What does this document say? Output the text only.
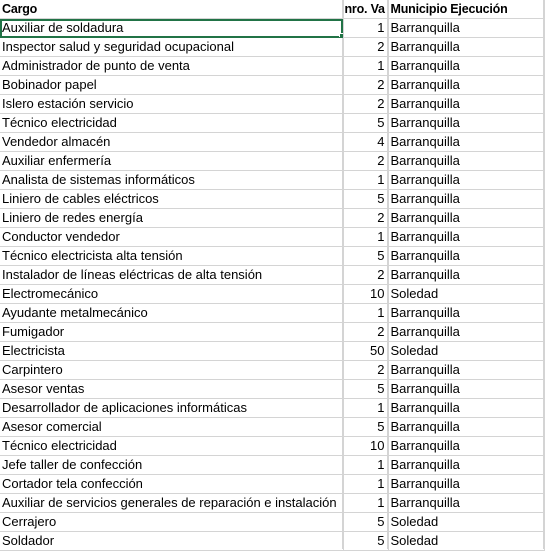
Cargo	nro. Va	Municipio Ejecución
Auxiliar de soldadura	1	Barranquilla
Inspector salud y seguridad ocupacional	2	Barranquilla
Administrador de punto de venta	1	Barranquilla
Bobinador papel	2	Barranquilla
Islero estación servicio	2	Barranquilla
Técnico electricidad	5	Barranquilla
Vendedor almacén	4	Barranquilla
Auxiliar enfermería	2	Barranquilla
Analista de sistemas informáticos	1	Barranquilla
Liniero de cables eléctricos	5	Barranquilla
Liniero de redes energía	2	Barranquilla
Conductor vendedor	1	Barranquilla
Técnico electricista alta tensión	5	Barranquilla
Instalador de líneas eléctricas de alta tensión	2	Barranquilla
Electromecánico	10	Soledad
Ayudante metalmecánico	1	Barranquilla
Fumigador	2	Barranquilla
Electricista	50	Soledad
Carpintero	2	Barranquilla
Asesor ventas	5	Barranquilla
Desarrollador de aplicaciones informáticas	1	Barranquilla
Asesor comercial	5	Barranquilla
Técnico electricidad	10	Barranquilla
Jefe taller de confección	1	Barranquilla
Cortador tela confección	1	Barranquilla
Auxiliar de servicios generales de reparación e instalación	1	Barranquilla
Cerrajero	5	Soledad
Soldador	5	Soledad
